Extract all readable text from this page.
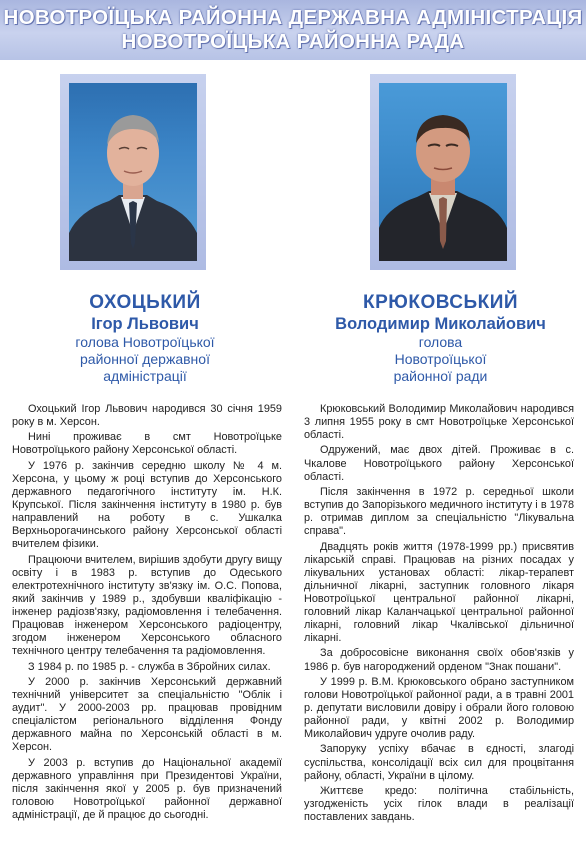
НОВОТРОЇЦЬКА РАЙОННА ДЕРЖАВНА АДМІНІСТРАЦІЯ
НОВОТРОЇЦЬКА РАЙОННА РАДА
ОХОЦЬКИЙ
Ігор Львович
голова Новотроїцької
районної державної
адміністрації
КРЮКОВСЬКИЙ
Володимир Миколайович
голова
Новотроїцької
районної ради

Охоцький Ігор Львович народився 30 січня 1959 року в м. Херсон.

Нині проживає в смт Новотроїцьке Новотроїцького району Херсонської області.

У 1976 р. закінчив середню школу № 4 м. Херсона, у цьому ж році вступив до Херсонського державного педагогічного інституту ім. Н.К. Крупської. Після закінчення інституту в 1980 р. був направлений на роботу в с. Ушкалка Верхньорогачинського району Херсонської області вчителем фізики.

Працюючи вчителем, вирішив здобути другу вищу освіту і в 1983 р. вступив до Одеського електротехнічного інституту зв'язку ім. О.С. Попова, який закінчив у 1989 р., здобувши кваліфікацію - інженер радіозв'язку, радіомовлення і телебачення. Працював інженером Херсонського радіоцентру, згодом інженером Херсонського обласного технічного центру телебачення та радіомовлення.

З 1984 р. по 1985 р. - служба в Збройних силах.

У 2000 р. закінчив Херсонський державний технічний університет за спеціальністю "Облік і аудит". У 2000-2003 рр. працював провідним спеціалістом регіонального відділення Фонду державного майна по Херсонській області в м. Херсон.

У 2003 р. вступив до Національної академії державного управління при Президентові України, після закінчення якої у 2005 р. був призначений головою Новотроїцької районної державної адміністрації, де й працює до сьогодні.

Крюковський Володимир Миколайович народився 3 липня 1955 року в смт Новотроїцьке Херсонської області.

Одружений, має двох дітей. Проживає в с. Чкалове Новотроїцького району Херсонської області.

Після закінчення в 1972 р. середньої школи вступив до Запорізького медичного інституту і в 1978 р. отримав диплом за спеціальністю "Лікувальна справа".

Двадцять років життя (1978-1999 рр.) присвятив лікарській справі. Працював на різних посадах у лікувальних установах області: лікар-терапевт дільничної лікарні, заступник головного лікаря Новотроїцької центральної районної лікарні, головний лікар Каланчацької центральної районної лікарні, головний лікар Чкалівської дільничної лікарні.

За добросовісне виконання своїх обов'язків у 1986 р. був нагороджений орденом "Знак пошани".

У 1999 р. В.М. Крюковського обрано заступником голови Новотроїцької районної ради, а в травні 2001 р. депутати висловили довіру і обрали його головою районної ради, у квітні 2002 р. Володимир Миколайович удруге очолив раду.

Запоруку успіху вбачає в єдності, злагоді суспільства, консолідації всіх сил для процвітання району, області, України в цілому.

Життєве кредо: політична стабільність, узгодженість усіх гілок влади в реалізації поставлених завдань.
